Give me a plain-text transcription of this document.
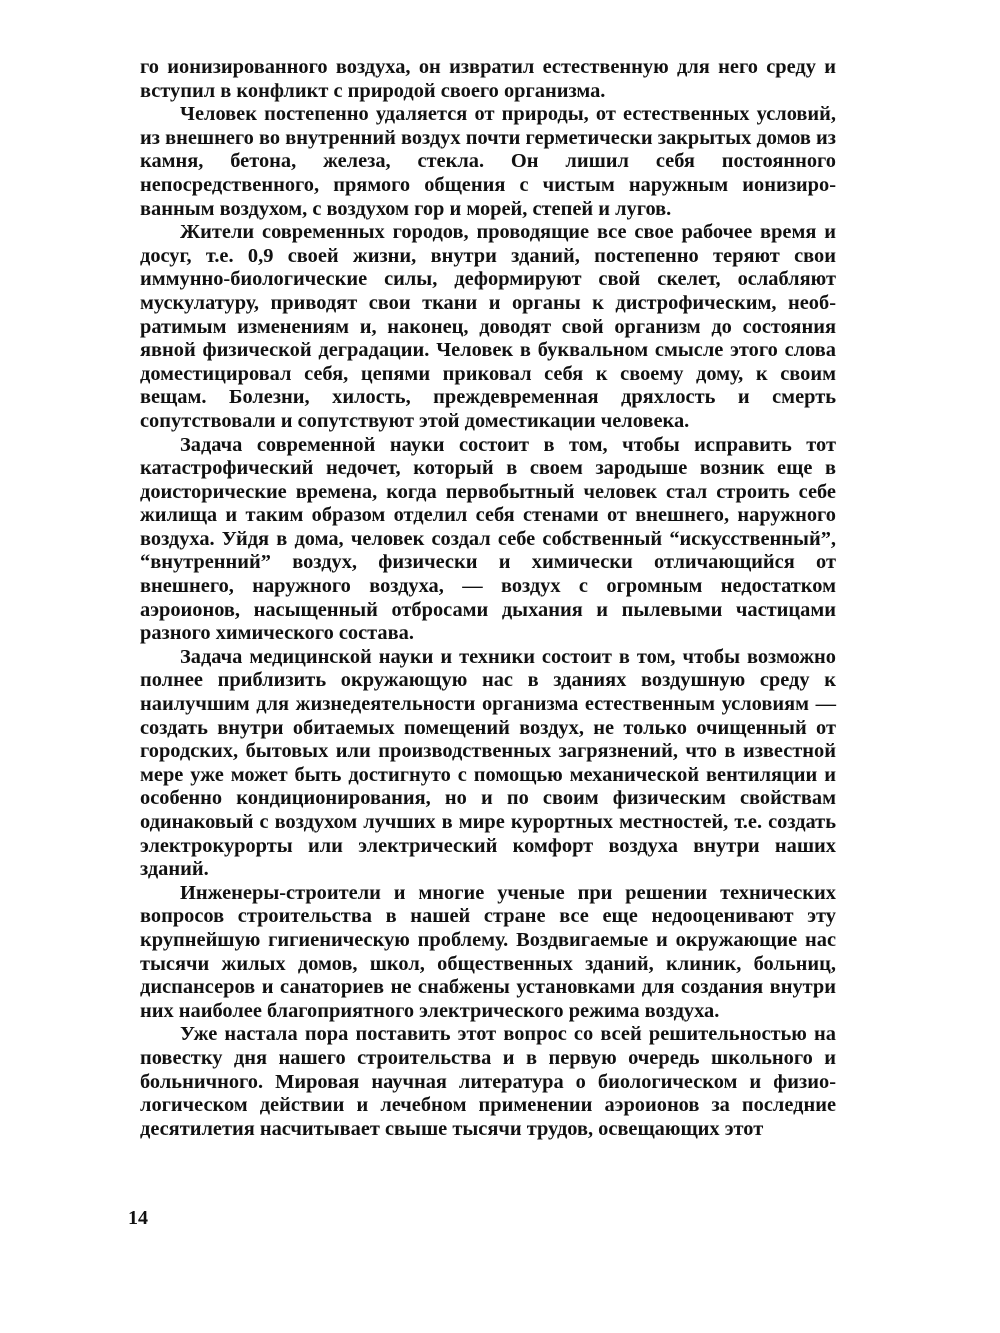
го ионизированного воздуха, он извратил естественную для него среду и вступил в конфликт с природой своего организма.

Человек постепенно удаляется от природы, от естественных условий, из внешнего во внутренний воздух почти герметически закрытых домов из камня, бетона, железа, стекла. Он лишил себя постоянного непосредственного, прямого общения с чистым наружным ионизированным воздухом, с воздухом гор и морей, степей и лугов.

Жители современных городов, проводящие все свое рабочее время и досуг, т.е. 0,9 своей жизни, внутри зданий, постепенно теряют свои иммунно-биологические силы, деформируют свой скелет, ослабляют мускулатуру, приводят свои ткани и органы к дистрофическим, необратимым изменениям и, наконец, доводят свой организм до состояния явной физической деградации. Человек в буквальном смысле этого слова доместицировал себя, цепями приковал себя к своему дому, к своим вещам. Болезни, хилость, преждевременная дряхлость и смерть сопутствовали и сопутствуют этой доместикации человека.

Задача современной науки состоит в том, чтобы исправить тот катастрофический недочет, который в своем зародыше возник еще в доисторические времена, когда первобытный человек стал строить себе жилища и таким образом отделил себя стенами от внешнего, наружного воздуха. Уйдя в дома, человек создал себе собственный “искусственный”, “внутренний” воздух, физически и химически отличающийся от внешнего, наружного воздуха, — воздух с огромным недостатком аэроионов, насыщенный отбросами дыхания и пылевыми частицами разного химического состава.

Задача медицинской науки и техники состоит в том, чтобы возможно полнее приблизить окружающую нас в зданиях воздушную среду к наилучшим для жизнедеятельности организма естественным условиям — создать внутри обитаемых помещений воздух, не только очищенный от городских, бытовых или производственных загрязнений, что в известной мере уже может быть достигнуто с помощью механической вентиляции и особенно кондиционирования, но и по своим физическим свойствам одинаковый с воздухом лучших в мире курортных местностей, т.е. создать электрокурорты или электрический комфорт воздуха внутри наших зданий.

Инженеры-строители и многие ученые при решении технических вопросов строительства в нашей стране все еще недооценивают эту крупнейшую гигиеническую проблему. Воздвигаемые и окружающие нас тысячи жилых домов, школ, общественных зданий, клиник, больниц, диспансеров и санаториев не снабжены установками для создания внутри них наиболее благоприятного электрического режима воздуха.

Уже настала пора поставить этот вопрос со всей решительностью на повестку дня нашего строительства и в первую очередь школьного и больничного. Мировая научная литература о биологическом и физиологическом действии и лечебном применении аэроионов за последние десятилетия насчитывает свыше тысячи трудов, освещающих этот

14
